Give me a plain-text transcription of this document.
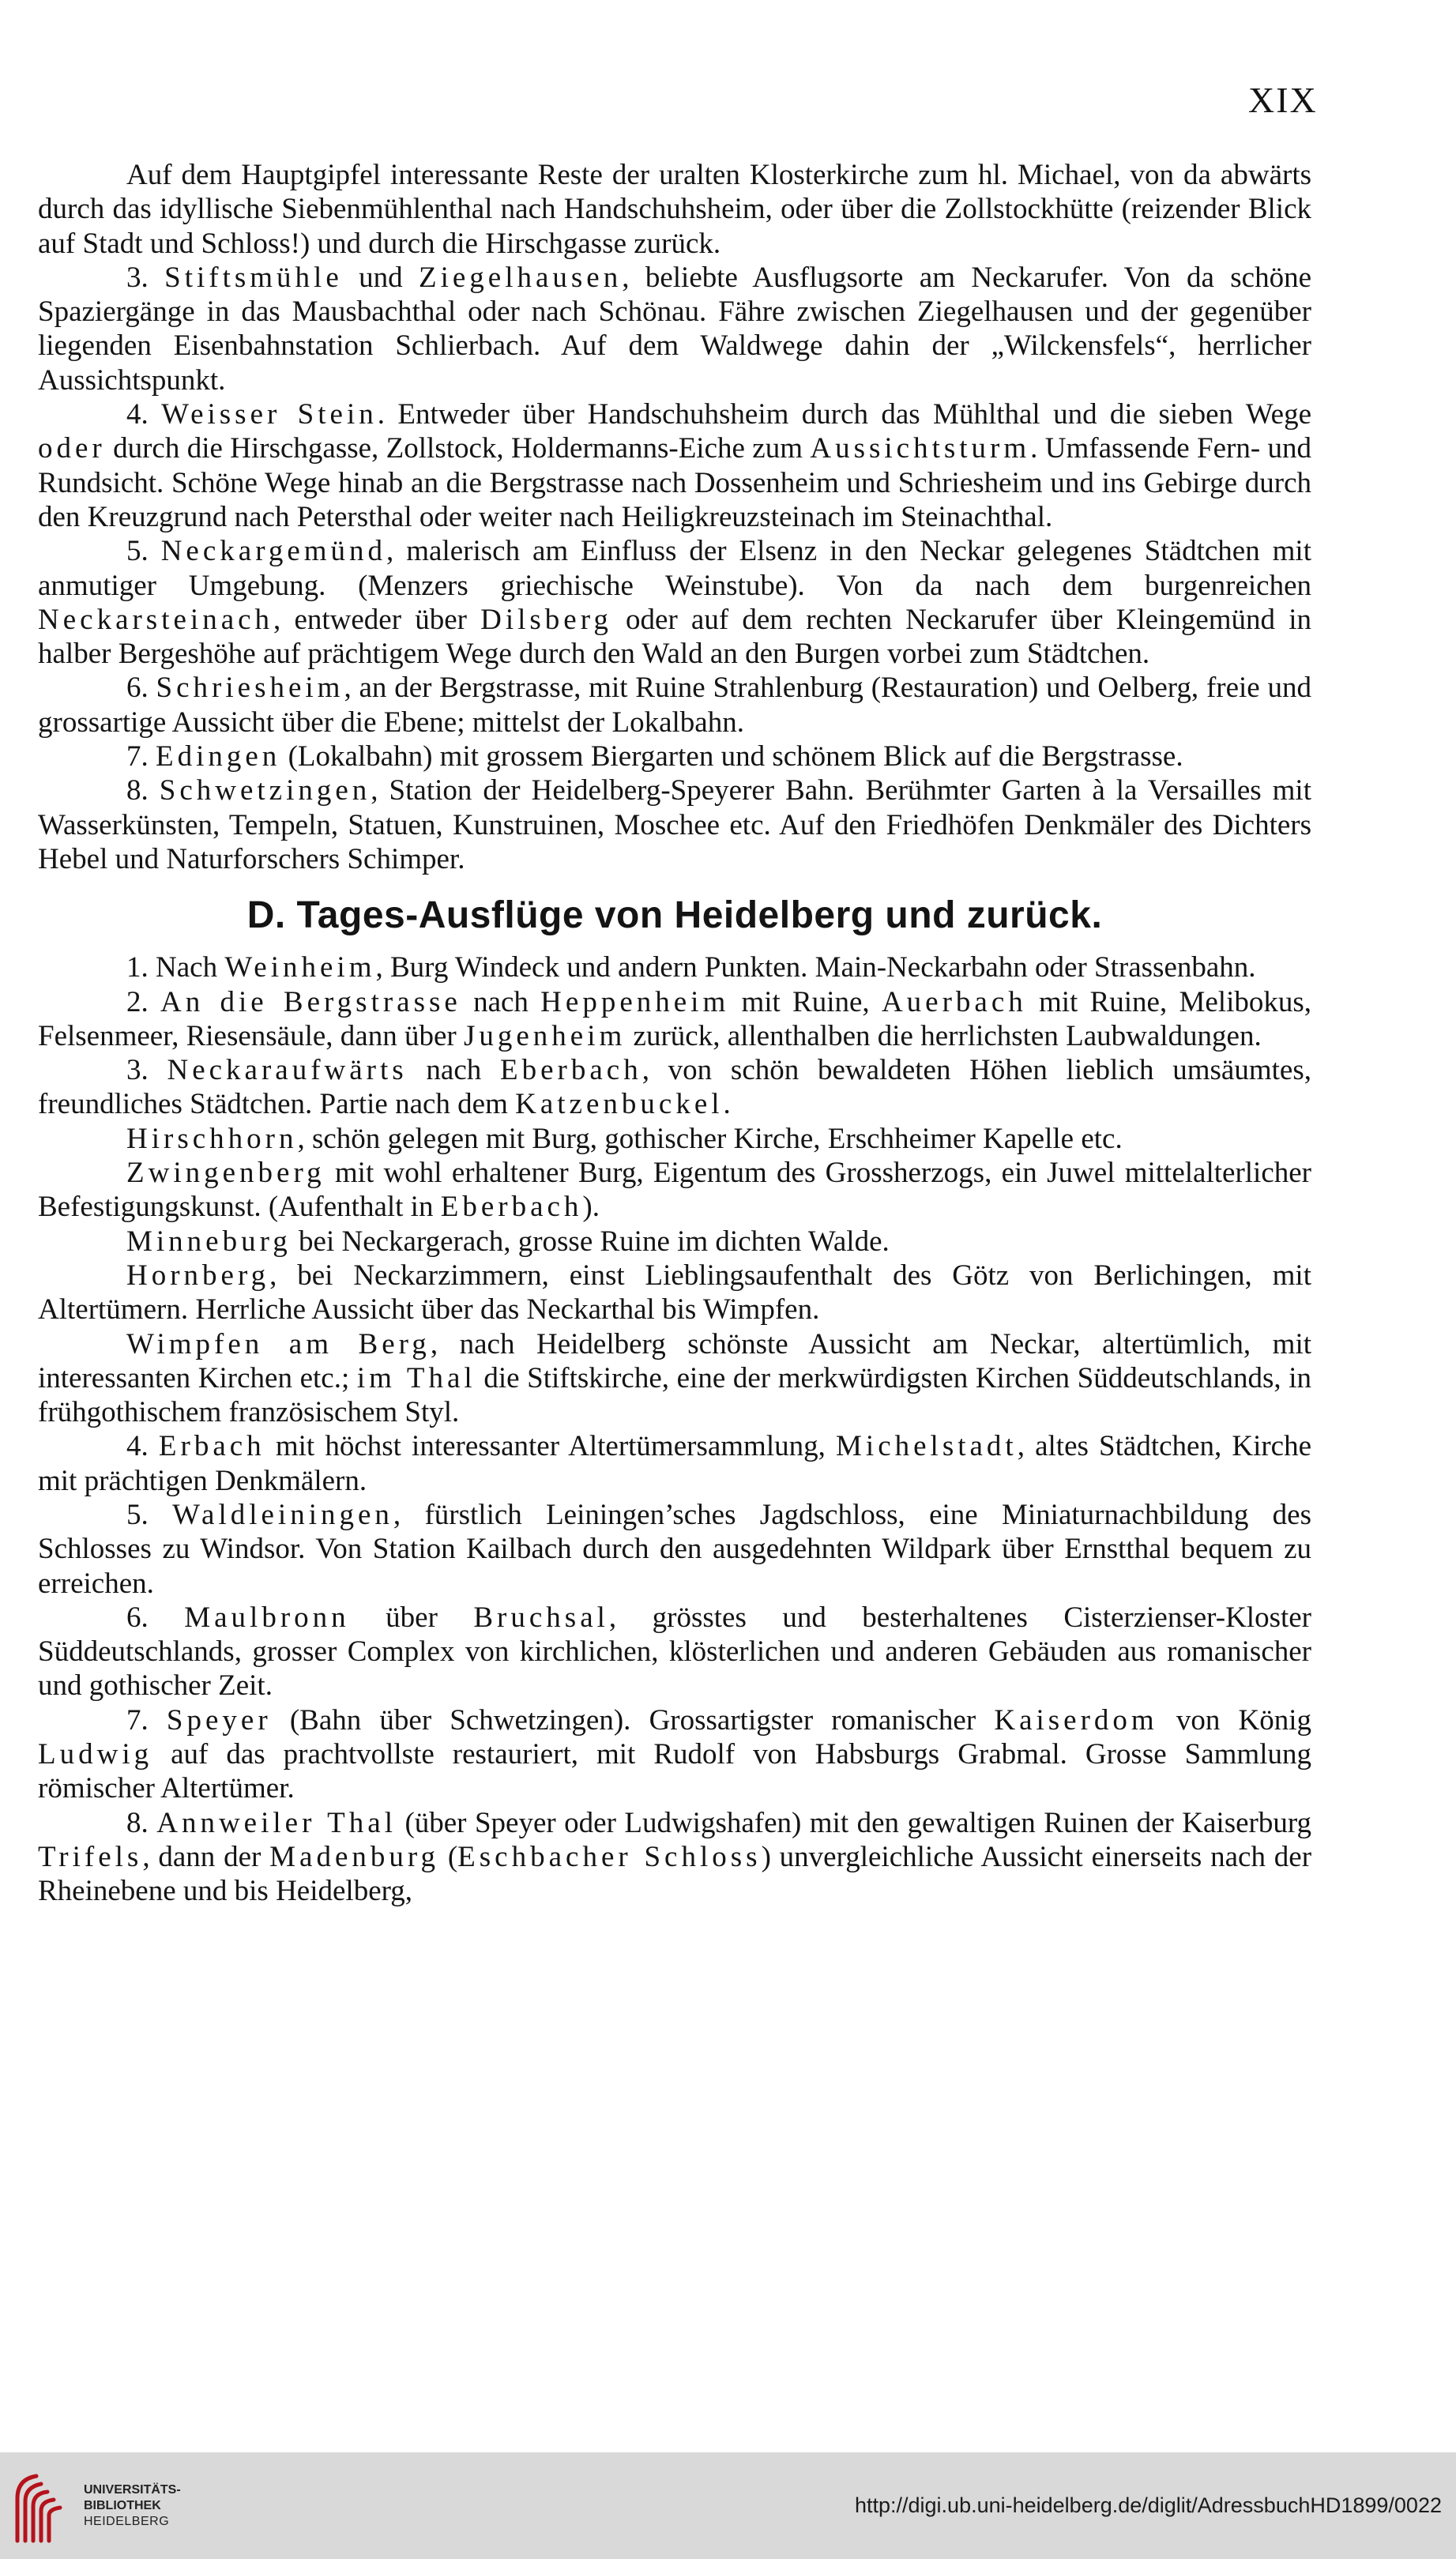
XIX

Auf dem Hauptgipfel interessante Reste der uralten Klosterkirche zum hl. Michael, von da abwärts durch das idyllische Siebenmühlenthal nach Handschuhsheim, oder über die Zollstockhütte (reizender Blick auf Stadt und Schloss!) und durch die Hirschgasse zurück.

3. Stiftsmühle und Ziegelhausen, beliebte Ausflugsorte am Neckarufer. Von da schöne Spaziergänge in das Mausbachthal oder nach Schönau. Fähre zwischen Ziegelhausen und der gegenüber liegenden Eisenbahnstation Schlierbach. Auf dem Waldwege dahin der „Wilckensfels“, herrlicher Aussichtspunkt.

4. Weisser Stein. Entweder über Handschuhsheim durch das Mühlthal und die sieben Wege oder durch die Hirschgasse, Zollstock, Holdermanns-Eiche zum Aussichtsturm. Umfassende Fern- und Rundsicht. Schöne Wege hinab an die Bergstrasse nach Dossenheim und Schriesheim und ins Gebirge durch den Kreuzgrund nach Petersthal oder weiter nach Heiligkreuzsteinach im Steinachthal.

5. Neckargemünd, malerisch am Einfluss der Elsenz in den Neckar gelegenes Städtchen mit anmutiger Umgebung. (Menzers griechische Weinstube). Von da nach dem burgenreichen Neckarsteinach, entweder über Dilsberg oder auf dem rechten Neckarufer über Kleingemünd in halber Bergeshöhe auf prächtigem Wege durch den Wald an den Burgen vorbei zum Städtchen.

6. Schriesheim, an der Bergstrasse, mit Ruine Strahlenburg (Restauration) und Oelberg, freie und grossartige Aussicht über die Ebene; mittelst der Lokalbahn.

7. Edingen (Lokalbahn) mit grossem Biergarten und schönem Blick auf die Bergstrasse.

8. Schwetzingen, Station der Heidelberg-Speyerer Bahn. Berühmter Garten à la Versailles mit Wasserkünsten, Tempeln, Statuen, Kunstruinen, Moschee etc. Auf den Friedhöfen Denkmäler des Dichters Hebel und Naturforschers Schimper.

D. Tages-Ausflüge von Heidelberg und zurück.

1. Nach Weinheim, Burg Windeck und andern Punkten. Main-Neckarbahn oder Strassenbahn.

2. An die Bergstrasse nach Heppenheim mit Ruine, Auerbach mit Ruine, Melibokus, Felsenmeer, Riesensäule, dann über Jugenheim zurück, allenthalben die herrlichsten Laubwaldungen.

3. Neckaraufwärts nach Eberbach, von schön bewaldeten Höhen lieblich umsäumtes, freundliches Städtchen. Partie nach dem Katzenbuckel.

Hirschhorn, schön gelegen mit Burg, gothischer Kirche, Erschheimer Kapelle etc.

Zwingenberg mit wohl erhaltener Burg, Eigentum des Grossherzogs, ein Juwel mittelalterlicher Befestigungskunst. (Aufenthalt in Eberbach).

Minneburg bei Neckargerach, grosse Ruine im dichten Walde.

Hornberg, bei Neckarzimmern, einst Lieblingsaufenthalt des Götz von Berlichingen, mit Altertümern. Herrliche Aussicht über das Neckarthal bis Wimpfen.

Wimpfen am Berg, nach Heidelberg schönste Aussicht am Neckar, altertümlich, mit interessanten Kirchen etc.; im Thal die Stiftskirche, eine der merkwürdigsten Kirchen Süddeutschlands, in frühgothischem französischem Styl.

4. Erbach mit höchst interessanter Altertümersammlung, Michelstadt, altes Städtchen, Kirche mit prächtigen Denkmälern.

5. Waldleiningen, fürstlich Leiningen’sches Jagdschloss, eine Miniaturnachbildung des Schlosses zu Windsor. Von Station Kailbach durch den ausgedehnten Wildpark über Ernstthal bequem zu erreichen.

6. Maulbronn über Bruchsal, grösstes und besterhaltenes Cisterzienser-Kloster Süddeutschlands, grosser Complex von kirchlichen, klösterlichen und anderen Gebäuden aus romanischer und gothischer Zeit.

7. Speyer (Bahn über Schwetzingen). Grossartigster romanischer Kaiserdom von König Ludwig auf das prachtvollste restauriert, mit Rudolf von Habsburgs Grabmal. Grosse Sammlung römischer Altertümer.

8. Annweiler Thal (über Speyer oder Ludwigshafen) mit den gewaltigen Ruinen der Kaiserburg Trifels, dann der Madenburg (Eschbacher Schloss) unvergleichliche Aussicht einerseits nach der Rheinebene und bis Heidelberg,

UNIVERSITÄTS-
BIBLIOTHEK
HEIDELBERG
http://digi.ub.uni-heidelberg.de/diglit/AdressbuchHD1899/0022
